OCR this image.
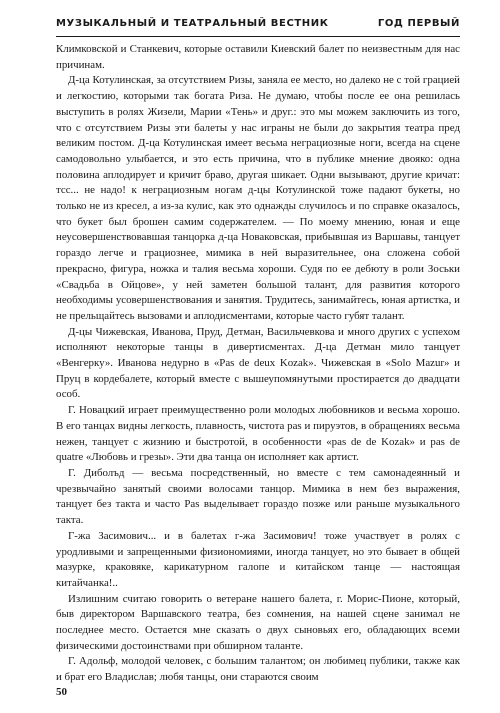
МУЗЫКАЛЬНЫЙ И ТЕАТРАЛЬНЫЙ ВЕСТНИК	ГОД ПЕРВЫЙ

Климковской и Станкевич, которые оставили Киевский балет по неизвестным для нас причинам.

Д-ца Котулинская, за отсутствием Ризы, заняла ее место, но далеко не с той грацией и легкостию, которыми так богата Риза. Не думаю, чтобы после ее она решилась выступить в ролях Жизели, Марии «Тень» и друг.: это мы можем заключить из того, что с отсутствием Ризы эти балеты у нас играны не были до закрытия театра пред великим постом. Д-ца Котулинская имеет весьма неграциозные ноги, всегда на сцене самодовольно улыбается, и это есть причина, что в публике мнение двояко: одна половина аплодирует и кричит браво, другая шикает. Одни вызывают, другие кричат: тсс... не надо! к неграциозным ногам д-цы Котулинской тоже падают букеты, но только не из кресел, а из-за кулис, как это однажды случилось и по справке оказалось, что букет был брошен самим содержателем. — По моему мнению, юная и еще неусовершенствовавшая танцорка д-ца Новаковская, прибывшая из Варшавы, танцует гораздо легче и грациознее, мимика в ней выразительнее, она сложена собой прекрасно, фигура, ножка и талия весьма хороши. Судя по ее дебюту в роли Зоськи «Свадьба в Ойцове», у ней заметен большой талант, для развития которого необходимы усовершенствования и занятия. Трудитесь, занимайтесь, юная артистка, и не прельщайтесь вызовами и аплодисментами, которые часто губят талант.

Д-цы Чижевская, Иванова, Пруд, Детман, Васильчевкова и много других с успехом исполняют некоторые танцы в дивертисментах. Д-ца Детман мило танцует «Венгерку». Иванова недурно в «Pas de deux Kozak». Чижевская в «Solo Mazur» и Пруц в кордебалете, который вместе с вышеупомянутыми простирается до двадцати особ.

Г. Новацкий играет преимущественно роли молодых любовников и весьма хорошо. В его танцах видны легкость, плавность, чистота pas и пируэтов, в обращениях весьма нежен, танцует с жизнию и быстротой, в особенности «pas de de Kozak» и pas de quatre «Любовь и грезы». Эти два танца он исполняет как артист.

Г. Диболъд — весьма посредственный, но вместе с тем самонадеянный и чрезвычайно занятый своими волосами танцор. Мимика в нем без выражения, танцует без такта и часто Pas выделывает гораздо позже или раньше музыкального такта.

Г-жа Засимович... и в балетах г-жа Засимович! тоже участвует в ролях с уродливыми и запрещенными физиономиями, иногда танцует, но это бывает в общей мазурке, краковяке, карикатурном галопе и китайском танце — настоящая китайчанка!..

Излишним считаю говорить о ветеране нашего балета, г. Морис-Пионе, который, быв директором Варшавского театра, без сомнения, на нашей сцене занимал не последнее место. Остается мне сказать о двух сыновьях его, обладающих всеми физическими достоинствами при обширном таланте.

Г. Адольф, молодой человек, с большим талантом; он любимец публики, также как и брат его Владислав; любя танцы, они стараются своим

50
